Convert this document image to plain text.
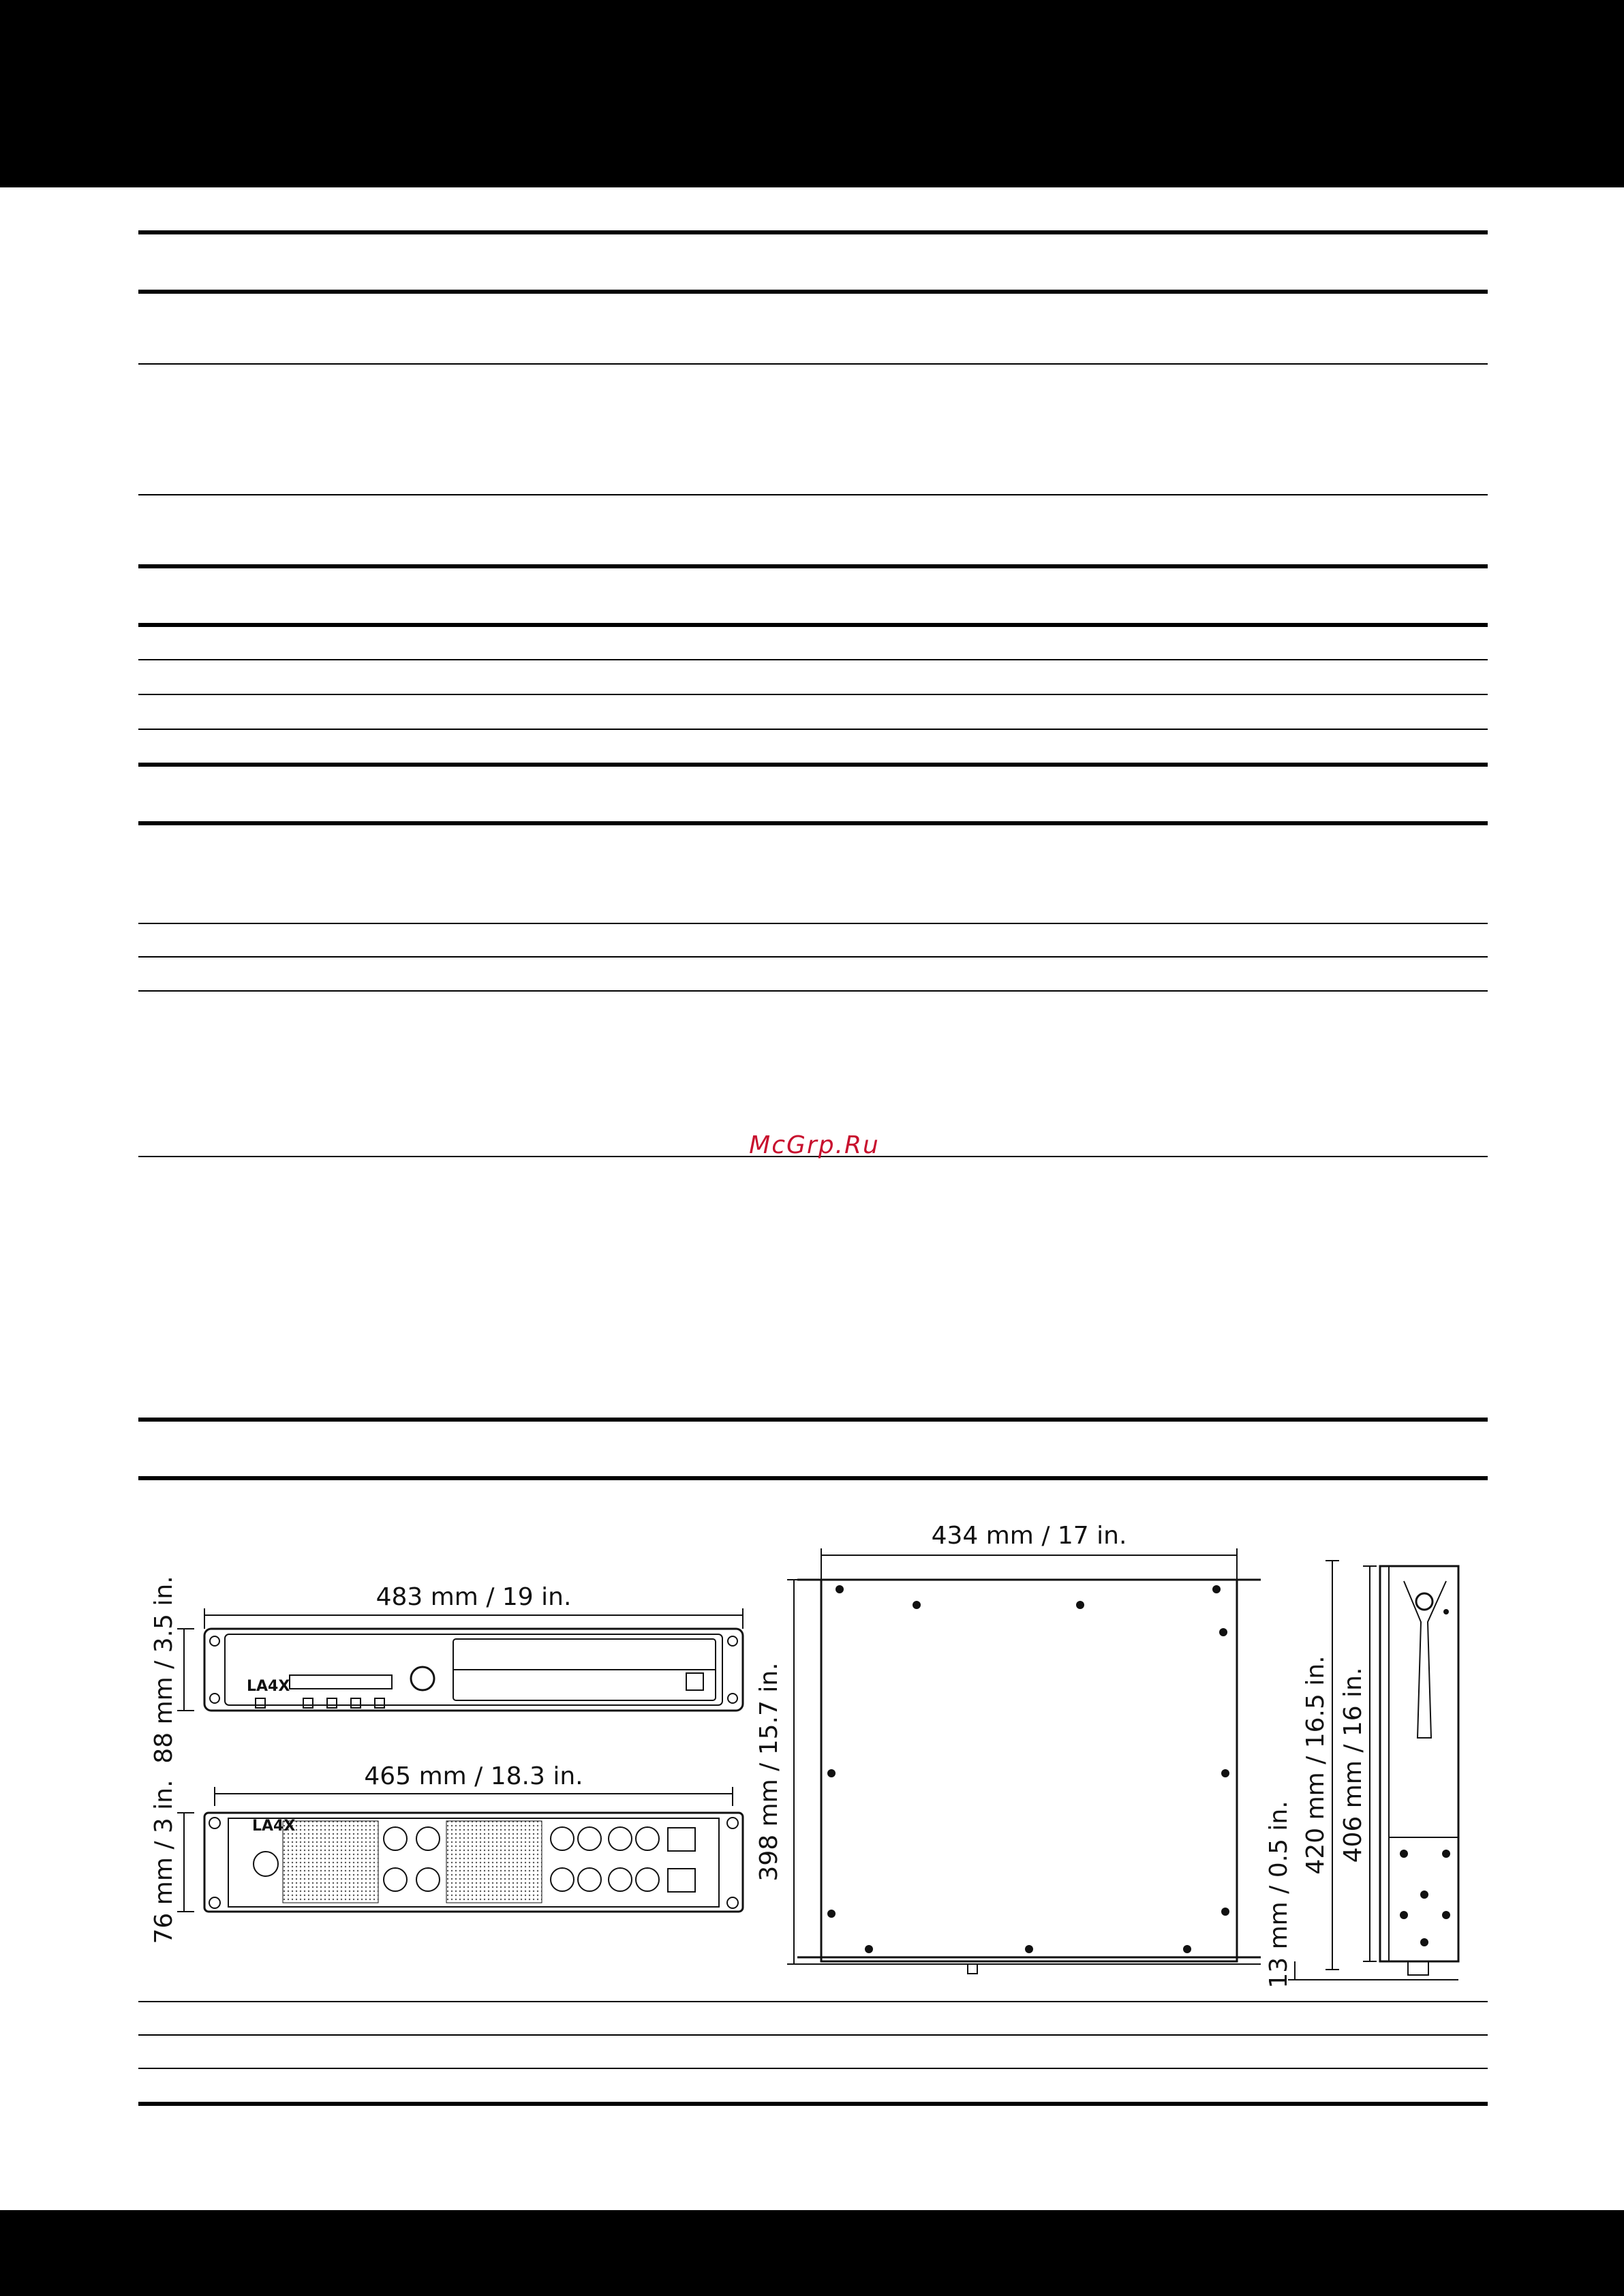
McGrp.Ru
LA4X
483 mm / 19 in.
88 mm / 3.5 in.
LA4X
465 mm / 18.3 in.
76 mm / 3 in.
434 mm / 17 in.
398 mm / 15.7 in.	420 mm / 16.5 in. 406 mm / 16 in.
13 mm / 0.5 in.
